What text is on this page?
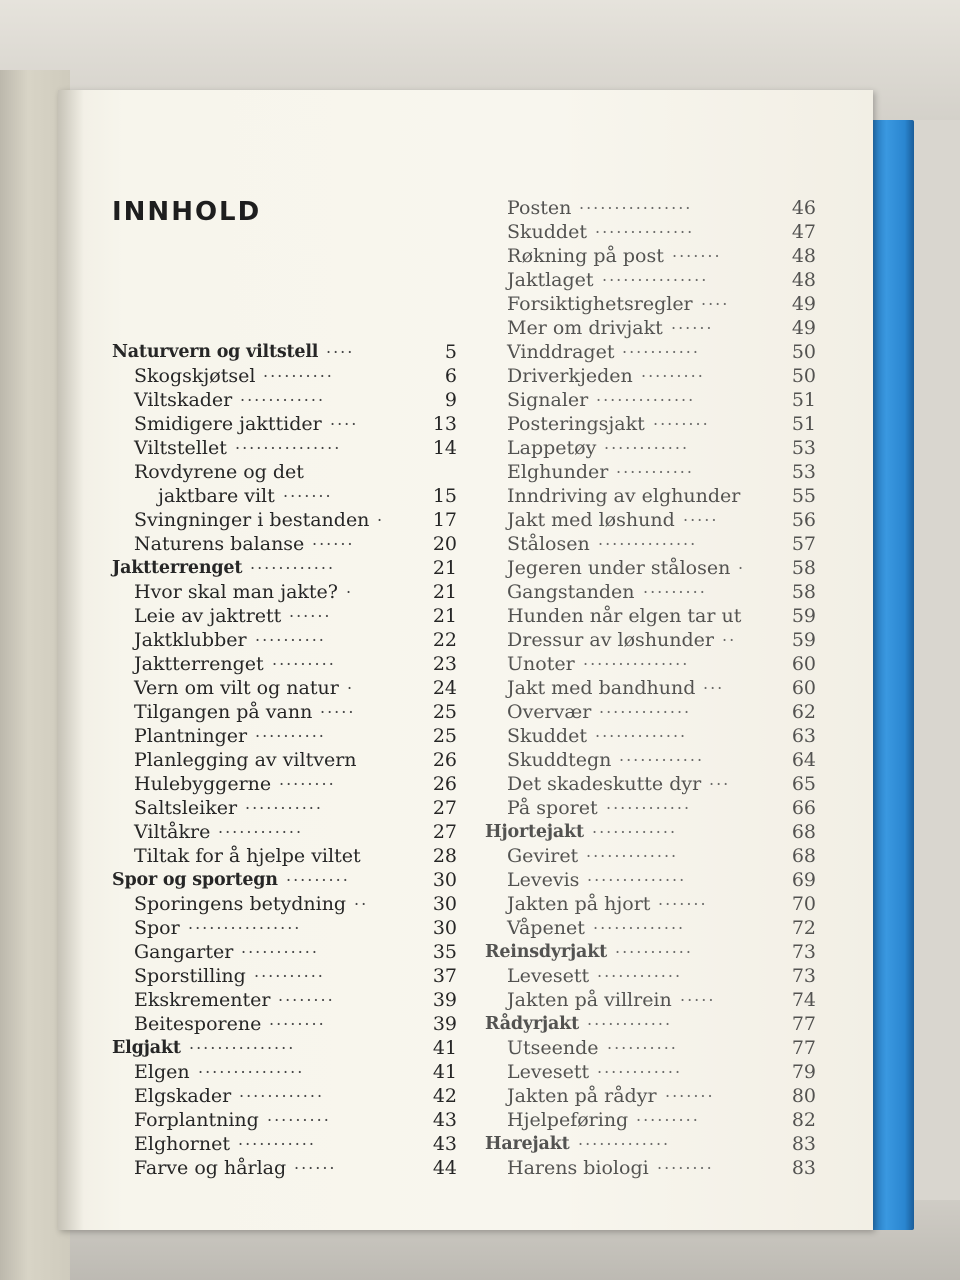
INNHOLD
Naturvern og viltstell ....	5
Skogskjøtsel ..........	6
Viltskader ............	9
Smidigere jakttider ....	13
Viltstellet ...............	14
Rovdyrene og det
jaktbare vilt .......	15
Svingninger i bestanden .	17
Naturens balanse ......	20
Jaktterrenget ............	21
Hvor skal man jakte? .	21
Leie av jaktrett ......	21
Jaktklubber ..........	22
Jaktterrenget .........	23
Vern om vilt og natur .	24
Tilgangen på vann .....	25
Plantninger ..........	25
Planlegging av viltvern	26
Hulebyggerne ........	26
Saltsleiker ...........	27
Viltåkre ............	27
Tiltak for å hjelpe viltet	28
Spor og sportegn .........	30
Sporingens betydning ..	30
Spor ................	30
Gangarter ...........	35
Sporstilling ..........	37
Ekskrementer ........	39
Beitesporene ........	39
Elgjakt ...............	41
Elgen ...............	41
Elgskader ............	42
Forplantning .........	43
Elghornet ...........	43
Farve og hårlag ......	44
Posten ................	46
Skuddet ..............	47
Røkning på post .......	48
Jaktlaget ...............	48
Forsiktighetsregler ....	49
Mer om drivjakt ......	49
Vinddraget ...........	50
Driverkjeden .........	50
Signaler ..............	51
Posteringsjakt ........	51
Lappetøy ............	53
Elghunder ...........	53
Inndriving av elghunder	55
Jakt med løshund .....	56
Stålosen ..............	57
Jegeren under stålosen .	58
Gangstanden .........	58
Hunden når elgen tar ut	59
Dressur av løshunder ..	59
Unoter ...............	60
Jakt med bandhund ...	60
Overvær .............	62
Skuddet .............	63
Skuddtegn ............	64
Det skadeskutte dyr ...	65
På sporet ............	66
Hjortejakt ............	68
Geviret .............	68
Levevis ..............	69
Jakten på hjort .......	70
Våpenet .............	72
Reinsdyrjakt ...........	73
Levesett ............	73
Jakten på villrein .....	74
Rådyrjakt ............	77
Utseende ..........	77
Levesett ............	79
Jakten på rådyr .......	80
Hjelpeføring .........	82
Harejakt .............	83
Harens biologi ........	83
